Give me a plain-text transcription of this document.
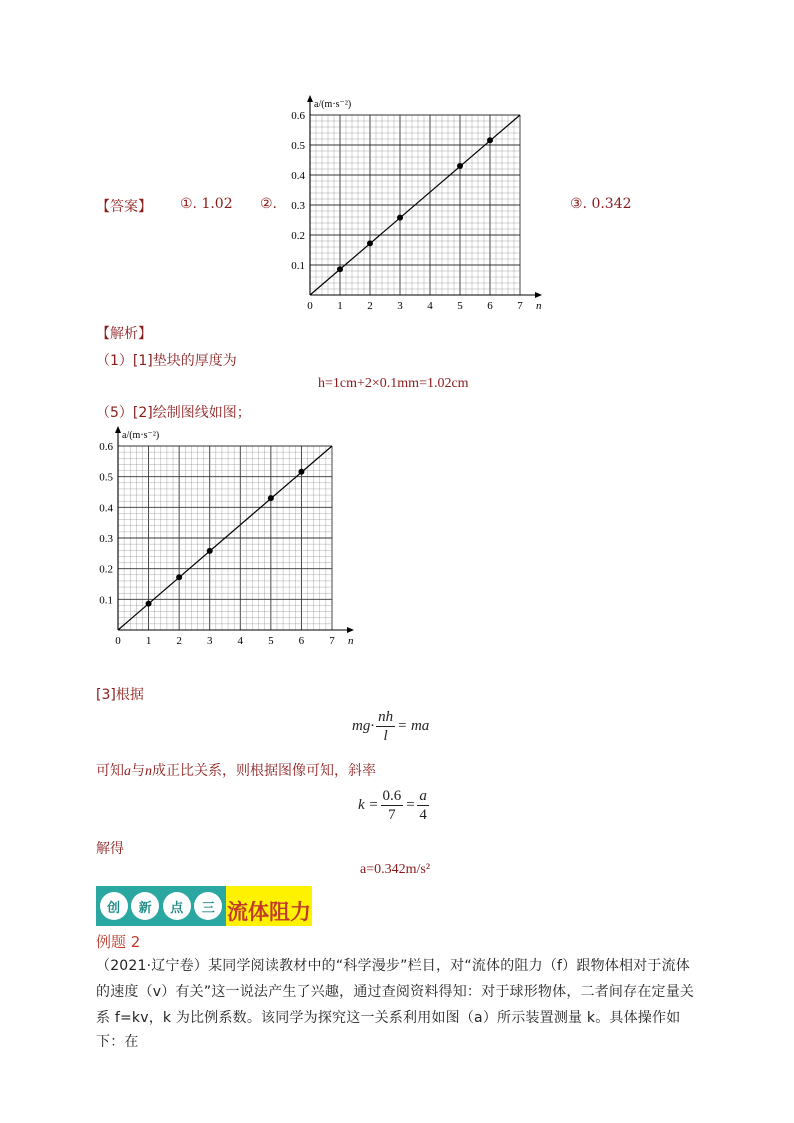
【答案】 ①. 1.02 ②.	③. 0.342
0 1 2 3 4 5 6 7
0.1
0.2
0.3
0.4
0.5
0.6
n
a/(m·s⁻²)
【解析】
（1）[1]垫块的厚度为
h=1cm+2×0.1mm=1.02cm
（5）[2]绘制图线如图；
0 1 2 3 4 5 6 7
0.1
0.2
0.3
0.4
0.5
0.6
n
a/(m·s⁻²)
[3]根据
$mg\cdot \frac{nh}{l}$ = ma
可知a与n成正比关系，则根据图像可知，斜率
$k = \frac{0.6}{7} = \frac{a}{4}$
解得
a=0.342m/s²
创	新	点	三 流体阻力
例题 2
（2021·辽宁卷）某同学阅读教材中的“科学漫步”栏目，对“流体的阻力（f）跟物体相对于流体
的速度（v）有关”这一说法产生了兴趣，通过查阅资料得知：对于球形物体，二者间存在定量关
系 f=kv，k 为比例系数。该同学为探究这一关系利用如图（a）所示装置测量 k。具体操作如下：在
